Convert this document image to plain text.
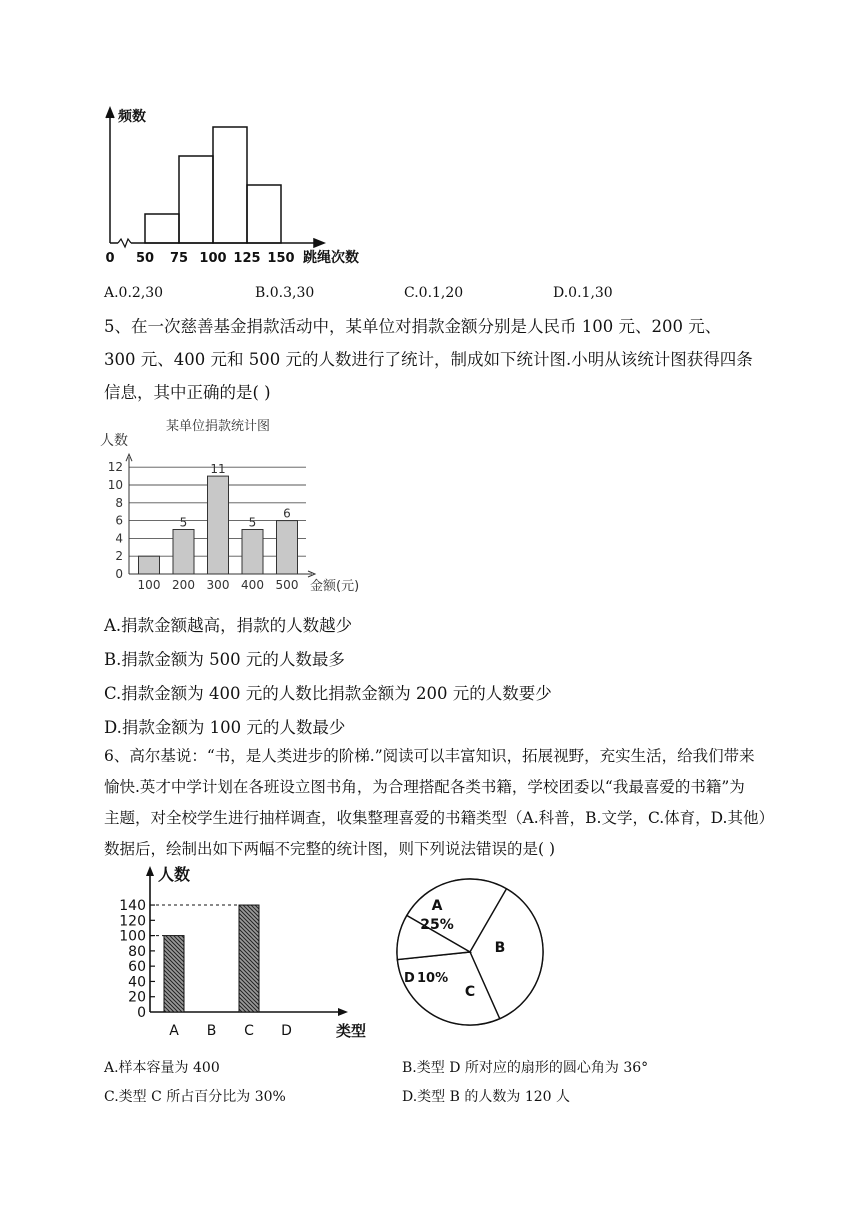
频数
0 50 75 100 125 150 跳绳次数
A.0.2,30	B.0.3,30	C.0.1,20	D.0.1,30
5、在一次慈善基金捐款活动中，某单位对捐款金额分别是人民币 100 元、200 元、
300 元、400 元和 500 元的人数进行了统计，制成如下统计图.小明从该统计图获得四条
信息，其中正确的是( )
某单位捐款统计图
人数
0
2
4
6
8
10
12
100
5
200
11
300
5
400
6
500 金额(元)
A.捐款金额越高，捐款的人数越少
B.捐款金额为 500 元的人数最多
C.捐款金额为 400 元的人数比捐款金额为 200 元的人数要少
D.捐款金额为 100 元的人数最少
6、高尔基说：“书，是人类进步的阶梯.”阅读可以丰富知识，拓展视野，充实生活，给我们带来
愉快.英才中学计划在各班设立图书角，为合理搭配各类书籍，学校团委以“我最喜爱的书籍”为
主题，对全校学生进行抽样调查，收集整理喜爱的书籍类型（A.科普，B.文学，C.体育，D.其他）
数据后，绘制出如下两幅不完整的统计图，则下列说法错误的是( )
人数
类型
0
20
40
60
80
100
120
140
A B C D
A
25%
B
C
D 10%
A.样本容量为 400	B.类型 D 所对应的扇形的圆心角为 36°
C.类型 C 所占百分比为 30%	D.类型 B 的人数为 120 人
